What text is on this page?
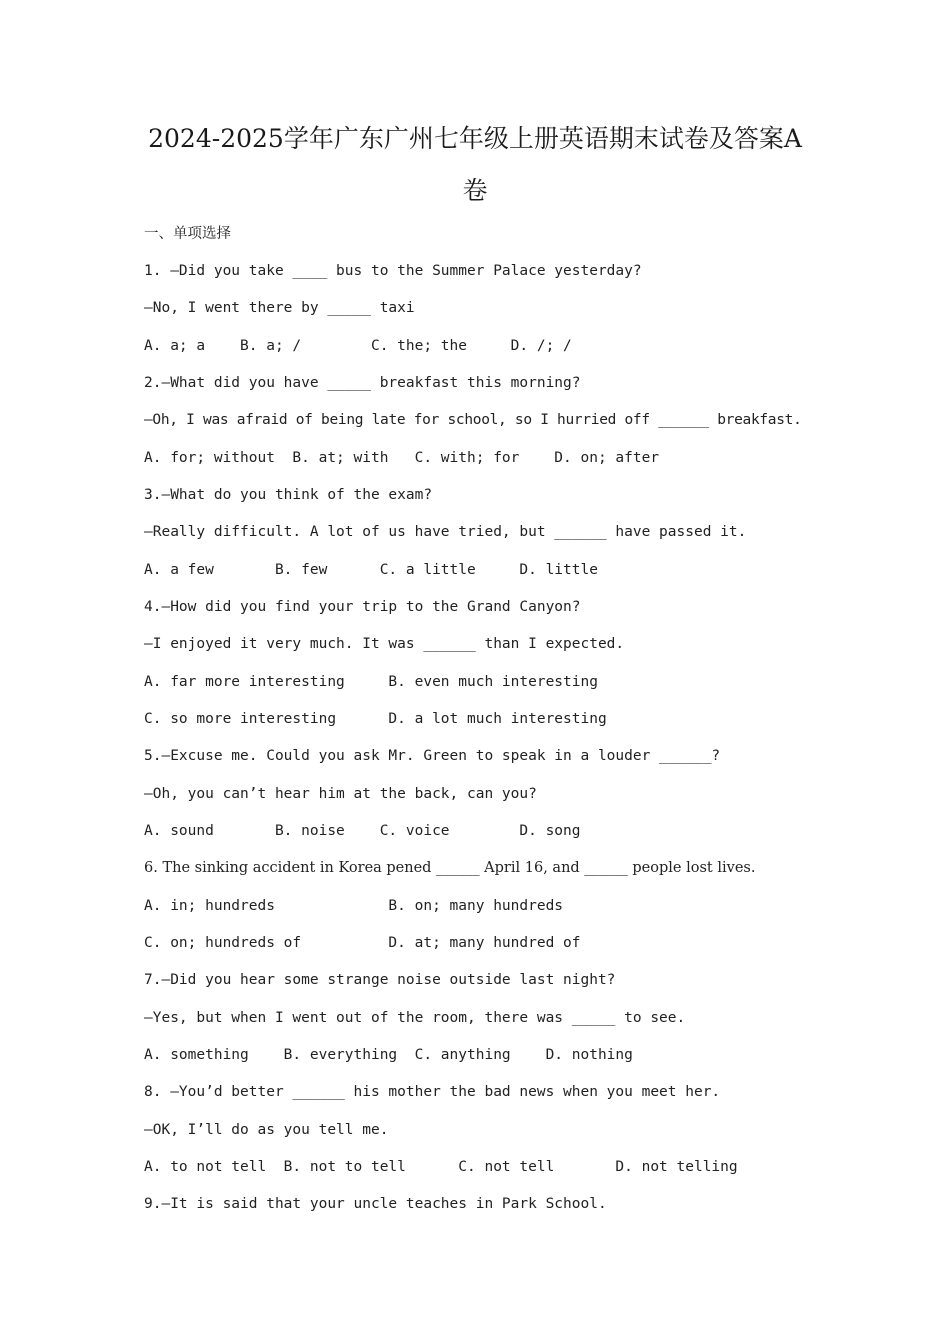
2024-2025学年广东广州七年级上册英语期末试卷及答案A
卷
一、单项选择
1. —Did you take ____ bus to the Summer Palace yesterday?
—No, I went there by _____ taxi
A. a; a    B. a; /        C. the; the     D. /; /
2.—What did you have _____ breakfast this morning?
—Oh, I was afraid of being late for school, so I hurried off ______ breakfast.
A. for; without  B. at; with   C. with; for    D. on; after
3.—What do you think of the exam?
—Really difficult. A lot of us have tried, but ______ have passed it.
A. a few       B. few      C. a little     D. little
4.—How did you find your trip to the Grand Canyon?
—I enjoyed it very much. It was ______ than I expected.
A. far more interesting     B. even much interesting
C. so more interesting      D. a lot much interesting
5.—Excuse me. Could you ask Mr. Green to speak in a louder ______?
—Oh, you can’t hear him at the back, can you?
A. sound       B. noise    C. voice        D. song
6. The sinking accident in Korea pened ______ April 16, and ______ people lost lives.
A. in; hundreds             B. on; many hundreds
C. on; hundreds of          D. at; many hundred of
7.—Did you hear some strange noise outside last night?
—Yes, but when I went out of the room, there was _____ to see.
A. something    B. everything  C. anything    D. nothing
8. —You’d better ______ his mother the bad news when you meet her.
—OK, I’ll do as you tell me.
A. to not tell  B. not to tell      C. not tell       D. not telling
9.—It is said that your uncle teaches in Park School.
